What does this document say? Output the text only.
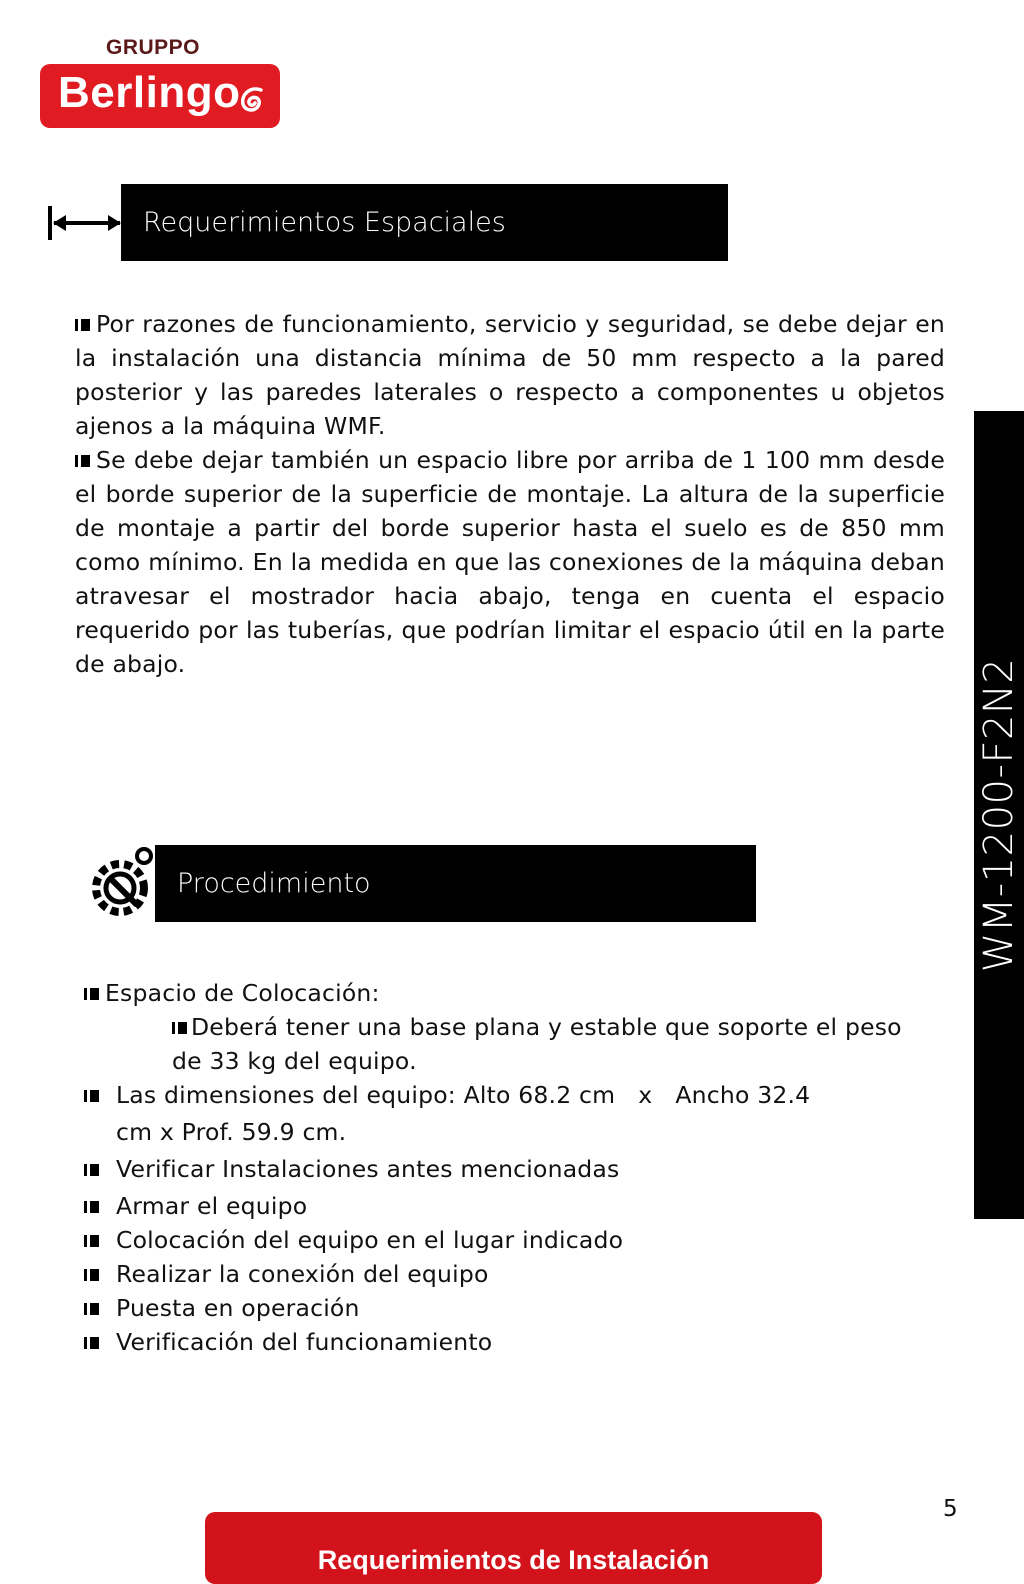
GRUPPO
Berlingo
Requerimientos Espaciales
Por razones de funcionamiento, servicio y seguridad, se debe dejar en la instalación una distancia mínima de 50 mm respecto a la pared posterior y las paredes laterales o respecto a componentes u objetos ajenos a la máquina WMF.
Se debe dejar también un espacio libre por arriba de 1 100 mm desde el borde superior de la superficie de montaje. La altura de la superficie de montaje a partir del borde superior hasta el suelo es de 850 mm como mínimo. En la medida en que las conexiones de la máquina deban atravesar el mostrador hacia abajo, tenga en cuenta el espacio requerido por las tuberías, que podrían limitar el espacio útil en la parte de abajo.
Procedimiento
Espacio de Colocación:
Deberá tener una base plana y estable que soporte el peso de 33 kg del equipo.
Las dimensiones del equipo: Alto 68.2 cm   x   Ancho 32.4
cm x Prof. 59.9 cm.
Verificar Instalaciones antes mencionadas
Armar el equipo
Colocación del equipo en el lugar indicado
Realizar la conexión del equipo
Puesta en operación
Verificación del funcionamiento
WM-1200-F2N2
5
Requerimientos de Instalación
